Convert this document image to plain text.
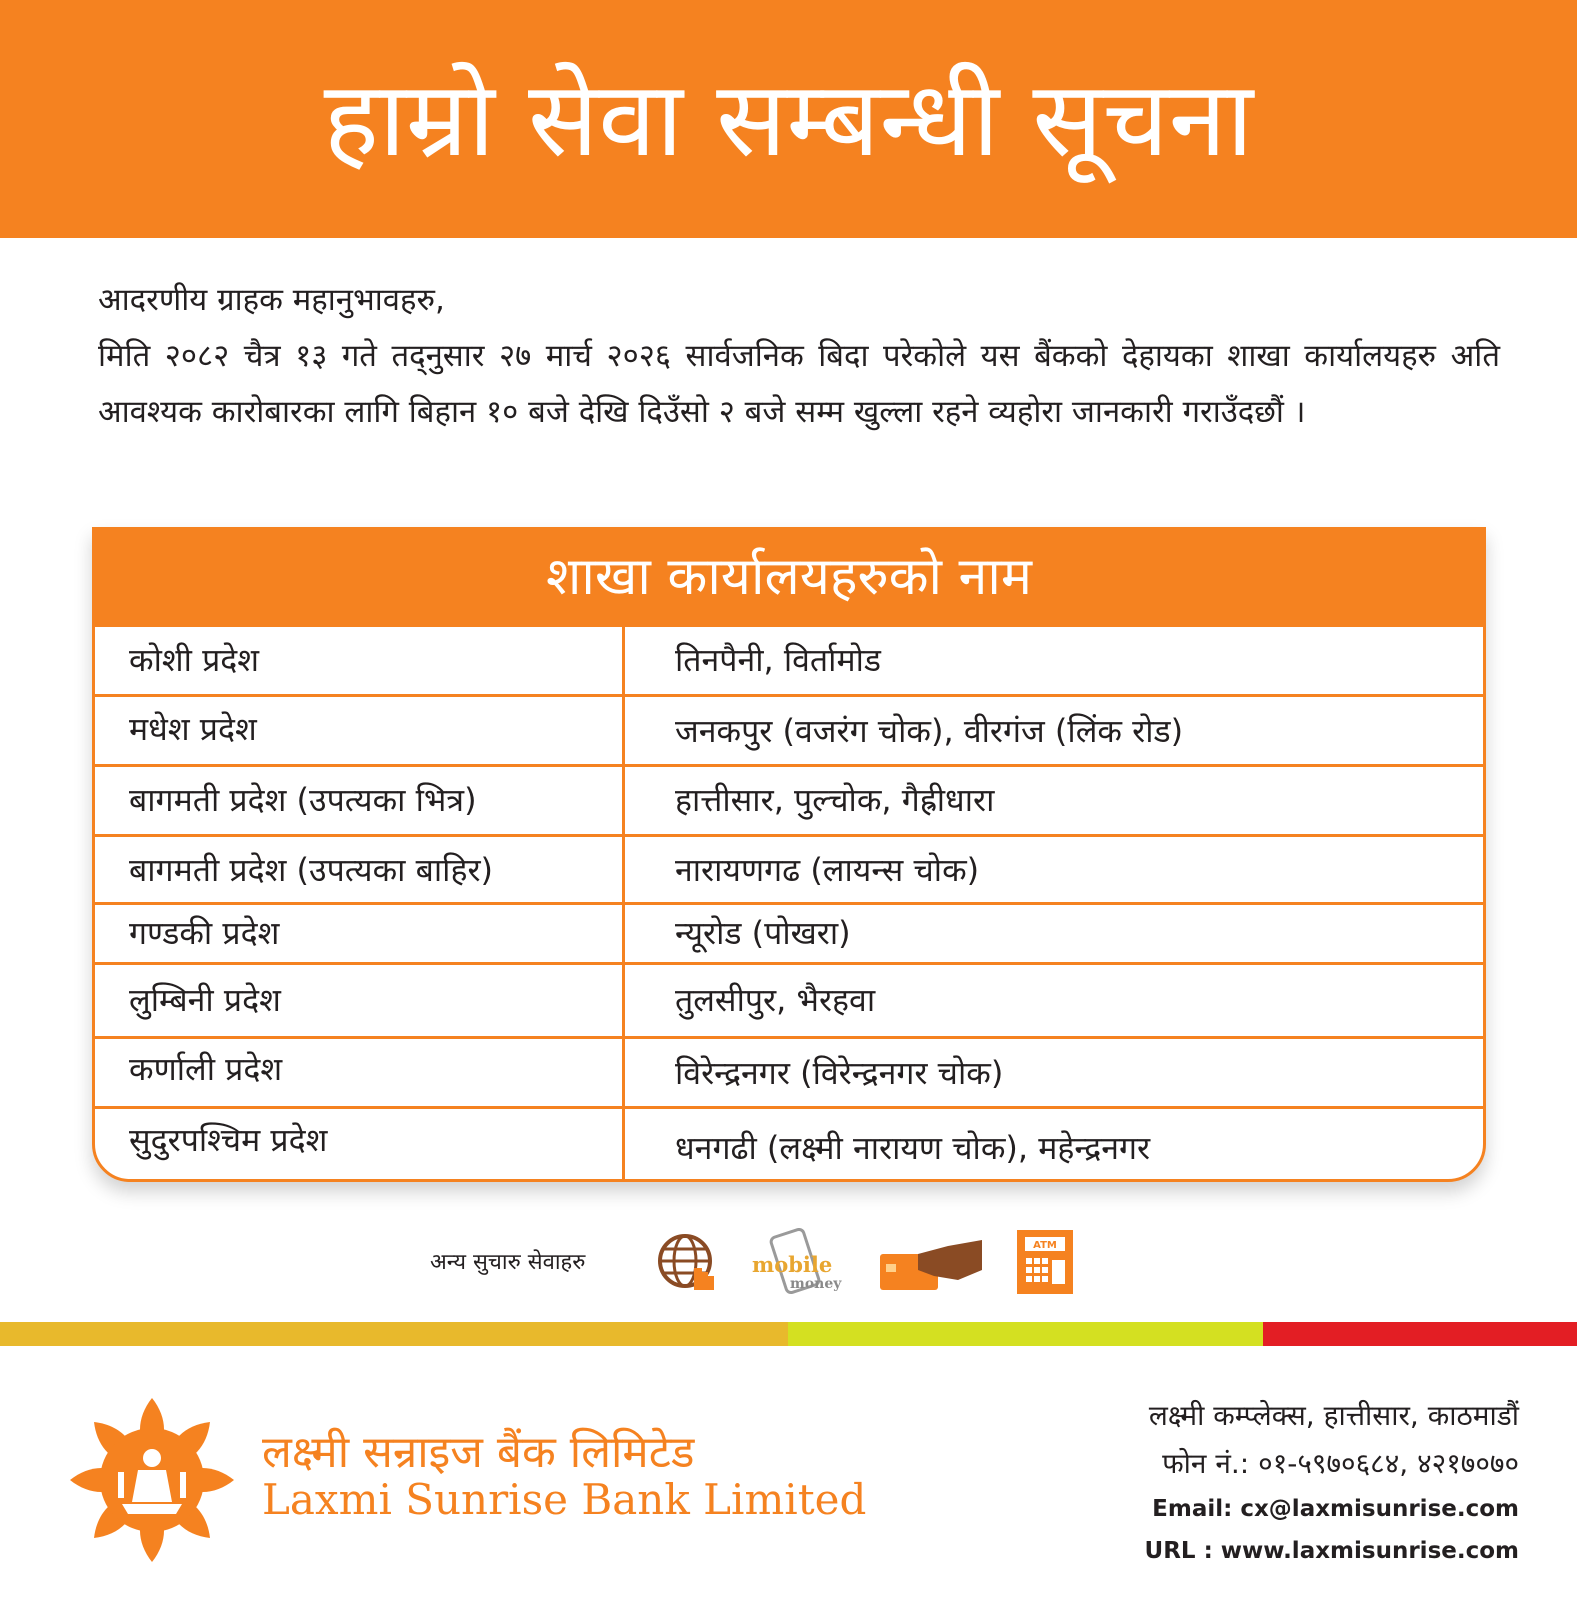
हाम्रो सेवा सम्बन्धी सूचना
आदरणीय ग्राहक महानुभावहरु,
मिति २०८२ चैत्र १३ गते तद्नुसार २७ मार्च २०२६ सार्वजनिक बिदा परेकोले यस बैंकको देहायका शाखा कार्यालयहरु अति आवश्यक कारोबारका लागि बिहान १० बजे देखि दिउँसो २ बजे सम्म खुल्ला रहने व्यहोरा जानकारी गराउँदछौं ।
शाखा कार्यालयहरुको नाम
कोशी प्रदेश	तिनपैनी, विर्तामोड
मधेश प्रदेश	जनकपुर (वजरंग चोक), वीरगंज (लिंक रोड)
बागमती प्रदेश (उपत्यका भित्र)	हात्तीसार, पुल्चोक, गैह्रीधारा
बागमती प्रदेश (उपत्यका बाहिर)	नारायणगढ (लायन्स चोक)
गण्डकी प्रदेश	न्यूरोड (पोखरा)
लुम्बिनी प्रदेश	तुलसीपुर, भैरहवा
कर्णाली प्रदेश	विरेन्द्रनगर (विरेन्द्रनगर चोक)
सुदुरपश्चिम प्रदेश	धनगढी (लक्ष्मी नारायण चोक), महेन्द्रनगर
अन्य सुचारु सेवाहरु	mobile
money
ATM
लक्ष्मी सन्राइज बैंक लिमिटेड
Laxmi Sunrise Bank Limited
लक्ष्मी कम्प्लेक्स, हात्तीसार, काठमाडौं
फोन नं.: ०१-५९७०६८४, ४२१७०७०
Email: cx@laxmisunrise.com
URL : www.laxmisunrise.com
